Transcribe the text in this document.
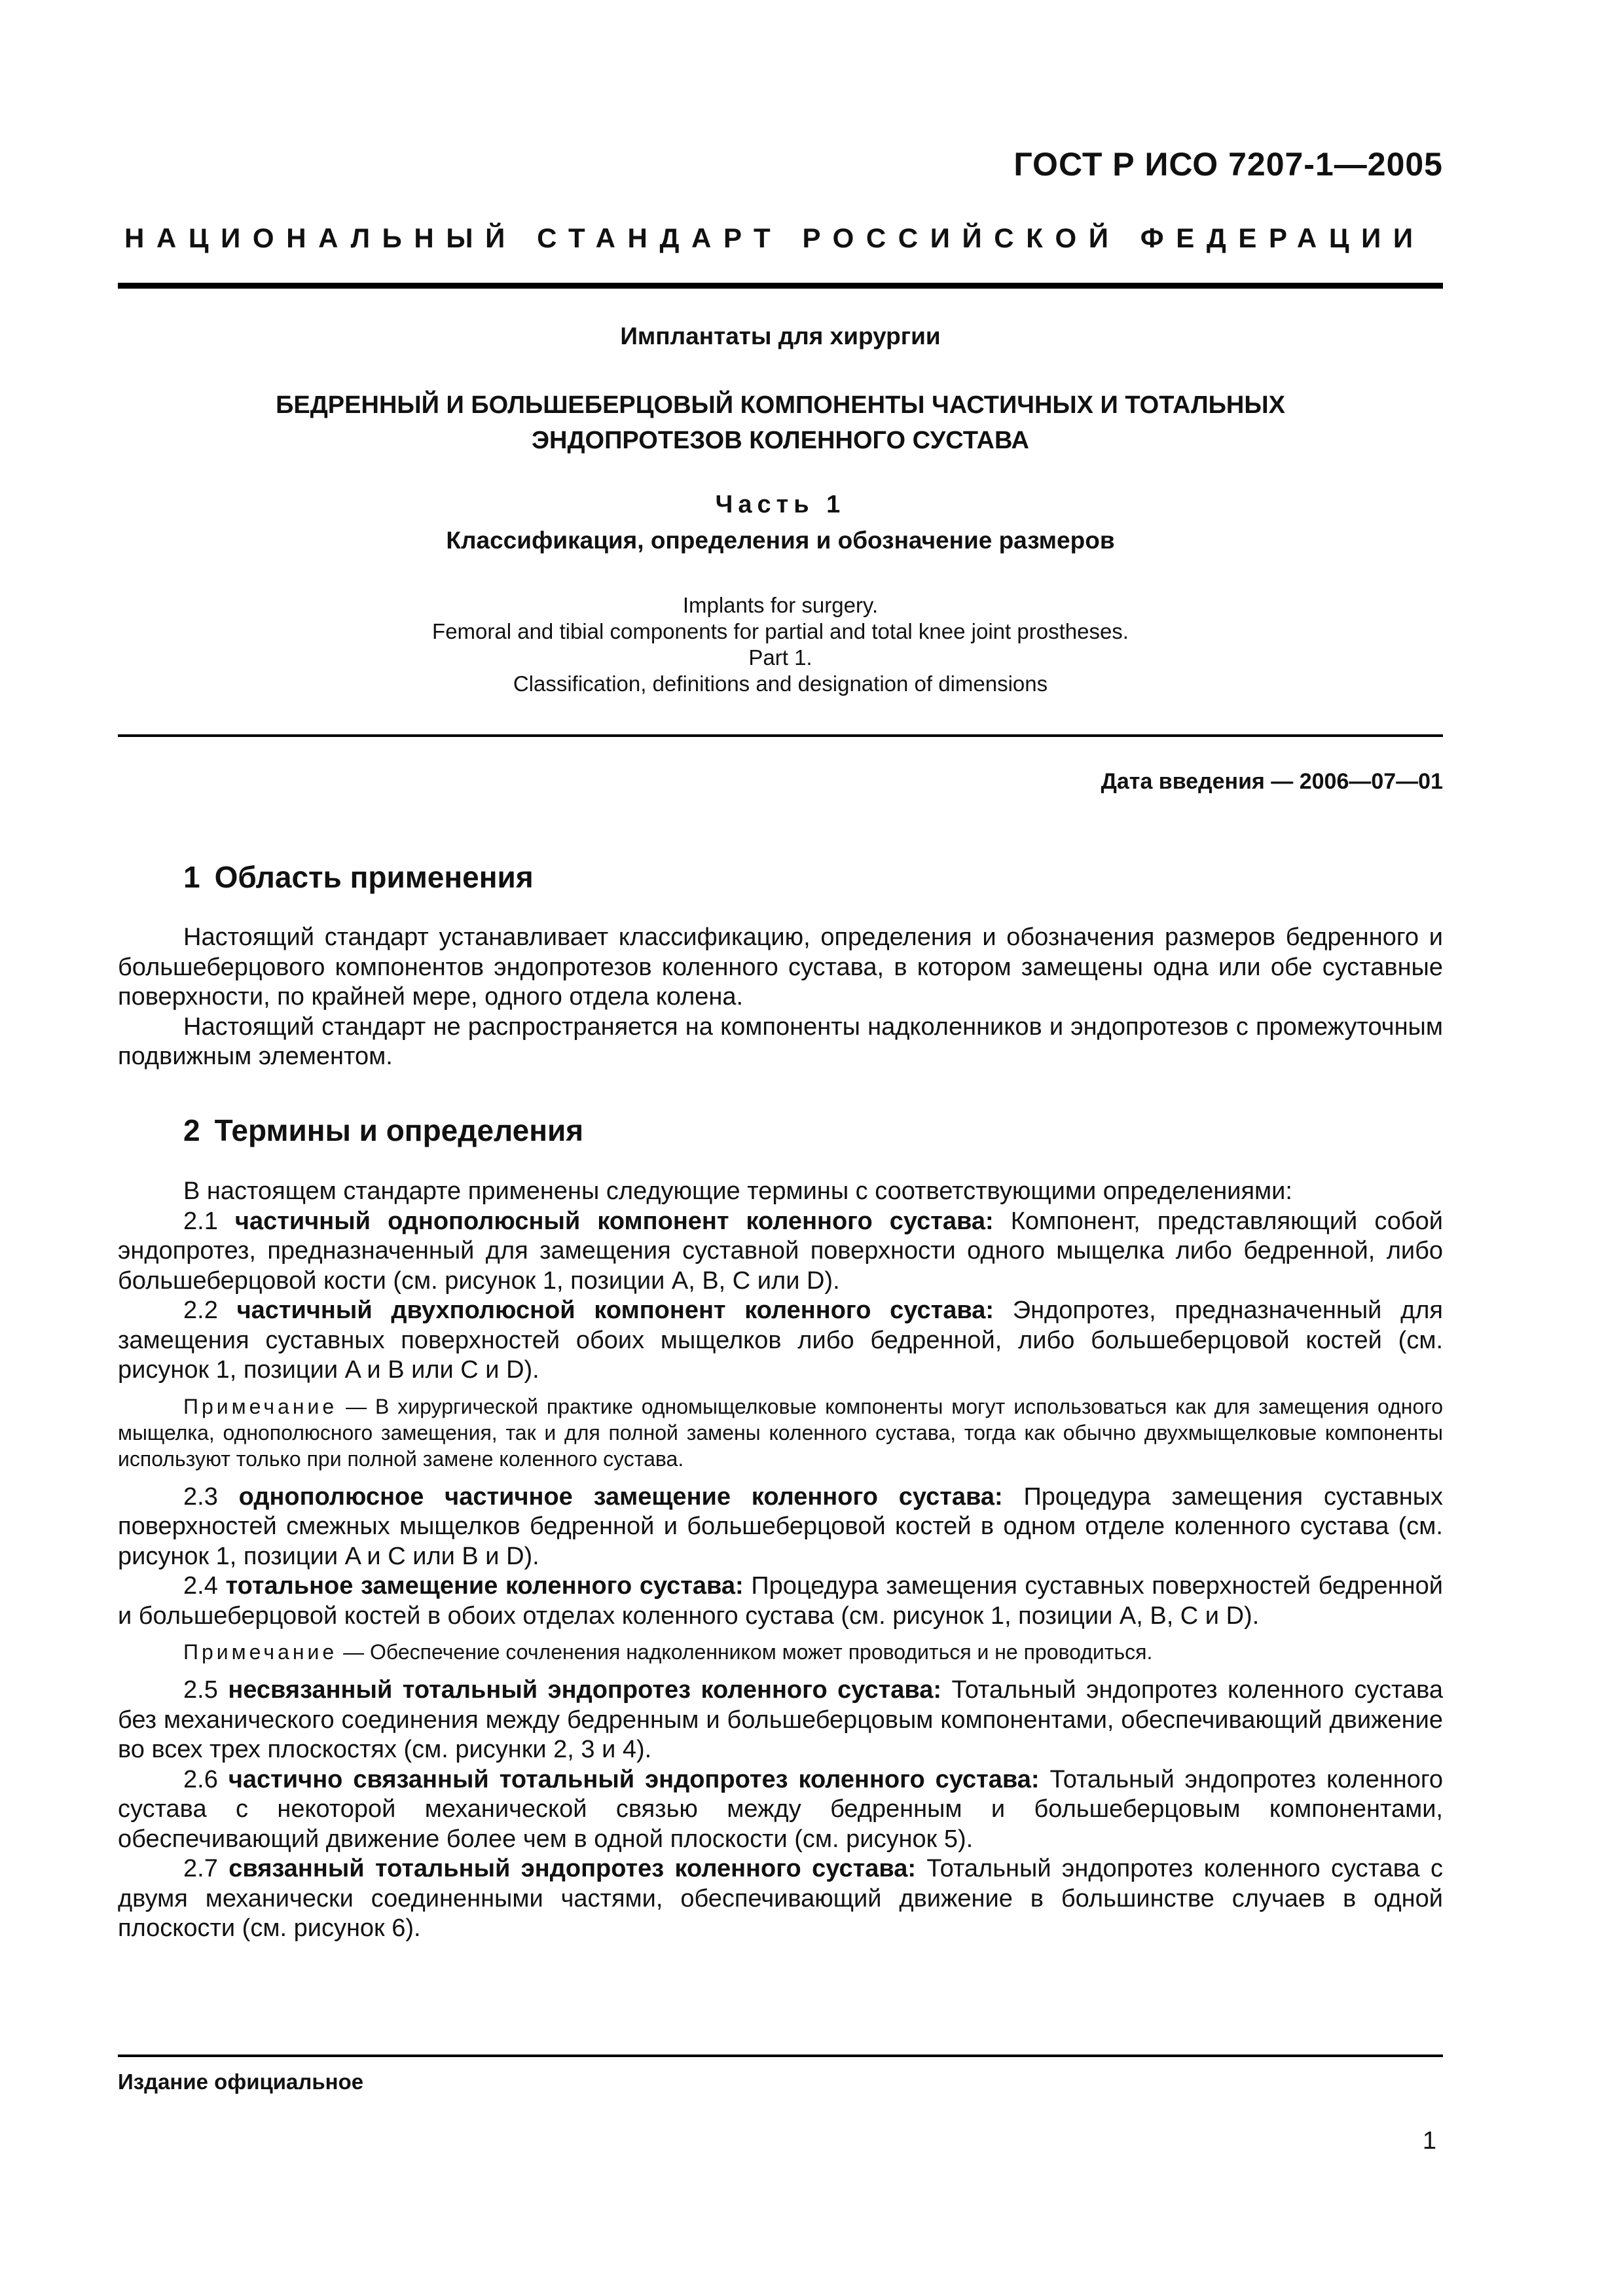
ГОСТ Р ИСО 7207-1—2005
НАЦИОНАЛЬНЫЙ СТАНДАРТ РОССИЙСКОЙ ФЕДЕРАЦИИ
Имплантаты для хирургии
БЕДРЕННЫЙ И БОЛЬШЕБЕРЦОВЫЙ КОМПОНЕНТЫ ЧАСТИЧНЫХ И ТОТАЛЬНЫХ
ЭНДОПРОТЕЗОВ КОЛЕННОГО СУСТАВА
Часть 1
Классификация, определения и обозначение размеров
Implants for surgery.
Femoral and tibial components for partial and total knee joint prostheses.
Part 1.
Classification, definitions and designation of dimensions
Дата введения — 2006—07—01
1 Область применения

Настоящий стандарт устанавливает классификацию, определения и обозначения размеров бедренного и большеберцового компонентов эндопротезов коленного сустава, в котором замещены одна или обе суставные поверхности, по крайней мере, одного отдела колена.

Настоящий стандарт не распространяется на компоненты надколенников и эндопротезов с промежуточным подвижным элементом.

2 Термины и определения

В настоящем стандарте применены следующие термины с соответствующими определениями:

2.1 частичный однополюсный компонент коленного сустава: Компонент, представляющий собой эндопротез, предназначенный для замещения суставной поверхности одного мыщелка либо бедренной, либо большеберцовой кости (см. рисунок 1, позиции A, B, C или D).

2.2 частичный двухполюсной компонент коленного сустава: Эндопротез, предназначенный для замещения суставных поверхностей обоих мыщелков либо бедренной, либо большеберцовой костей (см. рисунок 1, позиции A и B или C и D).

Примечание — В хирургической практике одномыщелковые компоненты могут использоваться как для замещения одного мыщелка, однополюсного замещения, так и для полной замены коленного сустава, тогда как обычно двухмыщелковые компоненты используют только при полной замене коленного сустава.

2.3 однополюсное частичное замещение коленного сустава: Процедура замещения суставных поверхностей смежных мыщелков бедренной и большеберцовой костей в одном отделе коленного сустава (см. рисунок 1, позиции A и C или B и D).

2.4 тотальное замещение коленного сустава: Процедура замещения суставных поверхностей бедренной и большеберцовой костей в обоих отделах коленного сустава (см. рисунок 1, позиции A, B, C и D).

Примечание — Обеспечение сочленения надколенником может проводиться и не проводиться.

2.5 несвязанный тотальный эндопротез коленного сустава: Тотальный эндопротез коленного сустава без механического соединения между бедренным и большеберцовым компонентами, обеспечивающий движение во всех трех плоскостях (см. рисунки 2, 3 и 4).

2.6 частично связанный тотальный эндопротез коленного сустава: Тотальный эндопротез коленного сустава с некоторой механической связью между бедренным и большеберцовым компонентами, обеспечивающий движение более чем в одной плоскости (см. рисунок 5).

2.7 связанный тотальный эндопротез коленного сустава: Тотальный эндопротез коленного сустава с двумя механически соединенными частями, обеспечивающий движение в большинстве случаев в одной плоскости (см. рисунок 6).

Издание официальное
1
